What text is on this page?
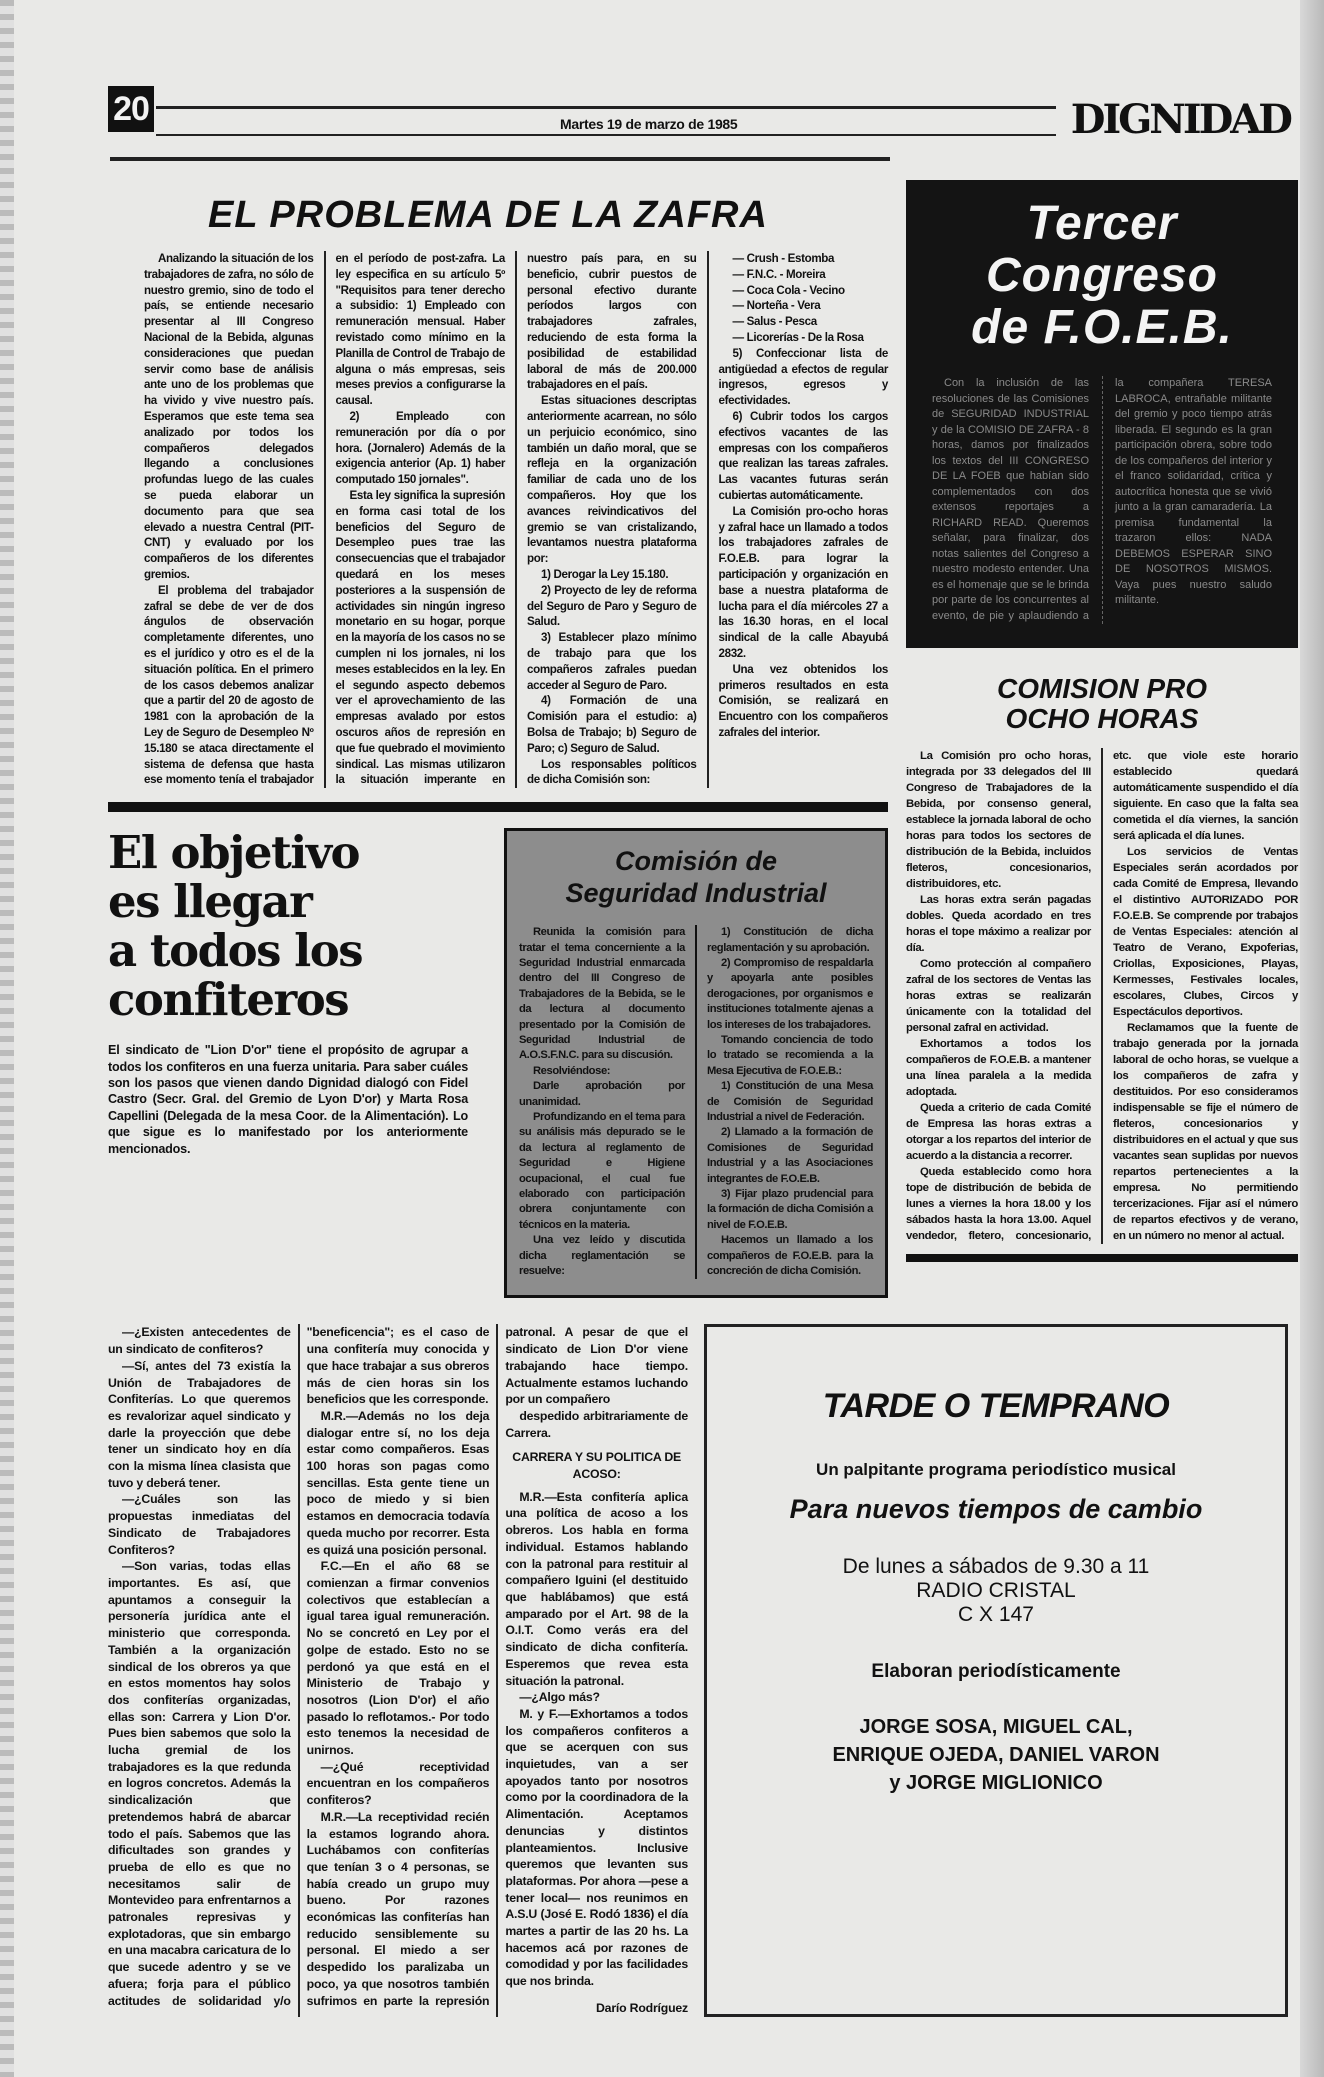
20	Martes 19 de marzo de 1985	DIGNIDAD
EL PROBLEMA DE LA ZAFRA

Analizando la situación de los trabajadores de zafra, no sólo de nuestro gremio, sino de todo el país, se entiende necesario presentar al III Congreso Nacional de la Bebida, algunas consideraciones que puedan servir como base de análisis ante uno de los problemas que ha vivido y vive nuestro país. Esperamos que este tema sea analizado por todos los compañeros delegados llegando a conclusiones profundas luego de las cuales se pueda elaborar un documento para que sea elevado a nuestra Central (PIT-CNT) y evaluado por los compañeros de los diferentes gremios.

El problema del trabajador zafral se debe de ver de dos ángulos de observación completamente diferentes, uno es el jurídico y otro es el de la situación política. En el primero de los casos debemos analizar que a partir del 20 de agosto de 1981 con la aprobación de la Ley de Seguro de Desempleo Nº 15.180 se ataca directamente el sistema de defensa que hasta ese momento tenía el trabajador en el período de post-zafra. La ley especifica en su artículo 5º "Requisitos para tener derecho a subsidio: 1) Empleado con remuneración mensual. Haber revistado como mínimo en la Planilla de Control de Trabajo de alguna o más empresas, seis meses previos a configurarse la causal.

2) Empleado con remuneración por día o por hora. (Jornalero) Además de la exigencia anterior (Ap. 1) haber computado 150 jornales".

Esta ley significa la supresión en forma casi total de los beneficios del Seguro de Desempleo pues trae las consecuencias que el trabajador quedará en los meses posteriores a la suspensión de actividades sin ningún ingreso monetario en su hogar, porque en la mayoría de los casos no se cumplen ni los jornales, ni los meses establecidos en la ley. En el segundo aspecto debemos ver el aprovechamiento de las empresas avalado por estos oscuros años de represión en que fue quebrado el movimiento sindical. Las mismas utilizaron la situación imperante en nuestro país para, en su beneficio, cubrir puestos de personal efectivo durante períodos largos con trabajadores zafrales, reduciendo de esta forma la posibilidad de estabilidad laboral de más de 200.000 trabajadores en el país.

Estas situaciones descriptas anteriormente acarrean, no sólo un perjuicio económico, sino también un daño moral, que se refleja en la organización familiar de cada uno de los compañeros. Hoy que los avances reivindicativos del gremio se van cristalizando, levantamos nuestra plataforma por:

1) Derogar la Ley 15.180.

2) Proyecto de ley de reforma del Seguro de Paro y Seguro de Salud.

3) Establecer plazo mínimo de trabajo para que los compañeros zafrales puedan acceder al Seguro de Paro.

4) Formación de una Comisión para el estudio: a) Bolsa de Trabajo; b) Seguro de Paro; c) Seguro de Salud.

Los responsables políticos de dicha Comisión son:

— Crush - Estomba

— F.N.C. - Moreira

— Coca Cola - Vecino

— Norteña - Vera

— Salus - Pesca

— Licorerías - De la Rosa

5) Confeccionar lista de antigüedad a efectos de regular ingresos, egresos y efectividades.

6) Cubrir todos los cargos efectivos vacantes de las empresas con los compañeros que realizan las tareas zafrales. Las vacantes futuras serán cubiertas automáticamente.

La Comisión pro-ocho horas y zafral hace un llamado a todos los trabajadores zafrales de F.O.E.B. para lograr la participación y organización en base a nuestra plataforma de lucha para el día miércoles 27 a las 16.30 horas, en el local sindical de la calle Abayubá 2832.

Una vez obtenidos los primeros resultados en esta Comisión, se realizará en Encuentro con los compañeros zafrales del interior.

El objetivo
es llegar
a todos los
confiteros
El sindicato de "Lion D'or" tiene el propósito de agrupar a todos los confiteros en una fuerza unitaria. Para saber cuáles son los pasos que vienen dando Dignidad dialogó con Fidel Castro (Secr. Gral. del Gremio de Lyon D'or) y Marta Rosa Capellini (Delegada de la mesa Coor. de la Alimentación). Lo que sigue es lo manifestado por los anteriormente mencionados.
Comisión de
Seguridad Industrial

Reunida la comisión para tratar el tema concerniente a la Seguridad Industrial enmarcada dentro del III Congreso de Trabajadores de la Bebida, se le da lectura al documento presentado por la Comisión de Seguridad Industrial de A.O.S.F.N.C. para su discusión.

Resolviéndose:

Darle aprobación por unanimidad.

Profundizando en el tema para su análisis más depurado se le da lectura al reglamento de Seguridad e Higiene ocupacional, el cual fue elaborado con participación obrera conjuntamente con técnicos en la materia.

Una vez leído y discutida dicha reglamentación se resuelve:

1) Constitución de dicha reglamentación y su aprobación.

2) Compromiso de respaldarla y apoyarla ante posibles derogaciones, por organismos e instituciones totalmente ajenas a los intereses de los trabajadores.

Tomando conciencia de todo lo tratado se recomienda a la Mesa Ejecutiva de F.O.E.B.:

1) Constitución de una Mesa de Comisión de Seguridad Industrial a nivel de Federación.

2) Llamado a la formación de Comisiones de Seguridad Industrial y a las Asociaciones integrantes de F.O.E.B.

3) Fijar plazo prudencial para la formación de dicha Comisión a nivel de F.O.E.B.

Hacemos un llamado a los compañeros de F.O.E.B. para la concreción de dicha Comisión.

Tercer
Congreso
de F.O.E.B.

Con la inclusión de las resoluciones de las Comisiones de SEGURIDAD INDUSTRIAL y de la COMISIO DE ZAFRA - 8 horas, damos por finalizados los textos del III CONGRESO DE LA FOEB que habían sido complementados con dos extensos reportajes a RICHARD READ. Queremos señalar, para finalizar, dos notas salientes del Congreso a nuestro modesto entender. Una es el homenaje que se le brinda por parte de los concurrentes al evento, de pie y aplaudiendo a la compañera TERESA LABROCA, entrañable militante del gremio y poco tiempo atrás liberada. El segundo es la gran participación obrera, sobre todo de los compañeros del interior y el franco solidaridad, crítica y autocrítica honesta que se vivió junto a la gran camaradería. La premisa fundamental la trazaron ellos: NADA DEBEMOS ESPERAR SINO DE NOSOTROS MISMOS. Vaya pues nuestro saludo militante.

COMISION PRO
OCHO HORAS

La Comisión pro ocho horas, integrada por 33 delegados del III Congreso de Trabajadores de la Bebida, por consenso general, establece la jornada laboral de ocho horas para todos los sectores de distribución de la Bebida, incluidos fleteros, concesionarios, distribuidores, etc.

Las horas extra serán pagadas dobles. Queda acordado en tres horas el tope máximo a realizar por día.

Como protección al compañero zafral de los sectores de Ventas las horas extras se realizarán únicamente con la totalidad del personal zafral en actividad.

Exhortamos a todos los compañeros de F.O.E.B. a mantener una línea paralela a la medida adoptada.

Queda a criterio de cada Comité de Empresa las horas extras a otorgar a los repartos del interior de acuerdo a la distancia a recorrer.

Queda establecido como hora tope de distribución de bebida de lunes a viernes la hora 18.00 y los sábados hasta la hora 13.00. Aquel vendedor, fletero, concesionario, etc. que viole este horario establecido quedará automáticamente suspendido el día siguiente. En caso que la falta sea cometida el día viernes, la sanción será aplicada el día lunes.

Los servicios de Ventas Especiales serán acordados por cada Comité de Empresa, llevando el distintivo AUTORIZADO POR F.O.E.B. Se comprende por trabajos de Ventas Especiales: atención al Teatro de Verano, Expoferias, Criollas, Exposiciones, Playas, Kermesses, Festivales locales, escolares, Clubes, Circos y Espectáculos deportivos.

Reclamamos que la fuente de trabajo generada por la jornada laboral de ocho horas, se vuelque a los compañeros de zafra y destituidos. Por eso consideramos indispensable se fije el número de fleteros, concesionarios y distribuidores en el actual y que sus vacantes sean suplidas por nuevos repartos pertenecientes a la empresa. No permitiendo tercerizaciones. Fijar así el número de repartos efectivos y de verano, en un número no menor al actual.

—¿Existen antecedentes de un sindicato de confiteros?

—Sí, antes del 73 existía la Unión de Trabajadores de Confiterías. Lo que queremos es revalorizar aquel sindicato y darle la proyección que debe tener un sindicato hoy en día con la misma línea clasista que tuvo y deberá tener.

—¿Cuáles son las propuestas inmediatas del Sindicato de Trabajadores Confiteros?

—Son varias, todas ellas importantes. Es así, que apuntamos a conseguir la personería jurídica ante el ministerio que corresponda. También a la organización sindical de los obreros ya que en estos momentos hay solos dos confiterías organizadas, ellas son: Carrera y Lion D'or. Pues bien sabemos que solo la lucha gremial de los trabajadores es la que redunda en logros concretos. Además la sindicalización que pretendemos habrá de abarcar todo el país. Sabemos que las dificultades son grandes y prueba de ello es que no necesitamos salir de Montevideo para enfrentarnos a patronales represivas y explotadoras, que sin embargo en una macabra caricatura de lo que sucede adentro y se ve afuera; forja para el público actitudes de solidaridad y/o "beneficencia"; es el caso de una confitería muy conocida y que hace trabajar a sus obreros más de cien horas sin los beneficios que les corresponde.

M.R.—Además no los deja dialogar entre sí, no los deja estar como compañeros. Esas 100 horas son pagas como sencillas. Esta gente tiene un poco de miedo y si bien estamos en democracia todavía queda mucho por recorrer. Esta es quizá una posición personal.

F.C.—En el año 68 se comienzan a firmar convenios colectivos que establecían a igual tarea igual remuneración. No se concretó en Ley por el golpe de estado. Esto no se perdonó ya que está en el Ministerio de Trabajo y nosotros (Lion D'or) el año pasado lo reflotamos.- Por todo esto tenemos la necesidad de unirnos.

—¿Qué receptividad encuentran en los compañeros confiteros?

M.R.—La receptividad recién la estamos logrando ahora. Luchábamos con confiterías que tenían 3 o 4 personas, se había creado un grupo muy bueno. Por razones económicas las confiterías han reducido sensiblemente su personal. El miedo a ser despedido los paralizaba un poco, ya que nosotros también sufrimos en parte la represión patronal. A pesar de que el sindicato de Lion D'or viene trabajando hace tiempo. Actualmente estamos luchando por un compañero

despedido arbitrariamente de Carrera.

CARRERA Y SU POLITICA DE ACOSO:

M.R.—Esta confitería aplica una política de acoso a los obreros. Los habla en forma individual. Estamos hablando con la patronal para restituir al compañero Iguini (el destituido que hablábamos) que está amparado por el Art. 98 de la O.I.T. Como verás era del sindicato de dicha confitería. Esperemos que revea esta situación la patronal.

—¿Algo más?

M. y F.—Exhortamos a todos los compañeros confiteros a que se acerquen con sus inquietudes, van a ser apoyados tanto por nosotros como por la coordinadora de la Alimentación. Aceptamos denuncias y distintos planteamientos. Inclusive queremos que levanten sus plataformas. Por ahora —pese a tener local— nos reunimos en A.S.U (José E. Rodó 1836) el día martes a partir de las 20 hs. La hacemos acá por razones de comodidad y por las facilidades que nos brinda.

Darío Rodríguez

TARDE O TEMPRANO
Un palpitante programa periodístico musical
Para nuevos tiempos de cambio
De lunes a sábados de 9.30 a 11
RADIO CRISTAL
C X 147
Elaboran periodísticamente
JORGE SOSA, MIGUEL CAL,
ENRIQUE OJEDA, DANIEL VARON
y JORGE MIGLIONICO
